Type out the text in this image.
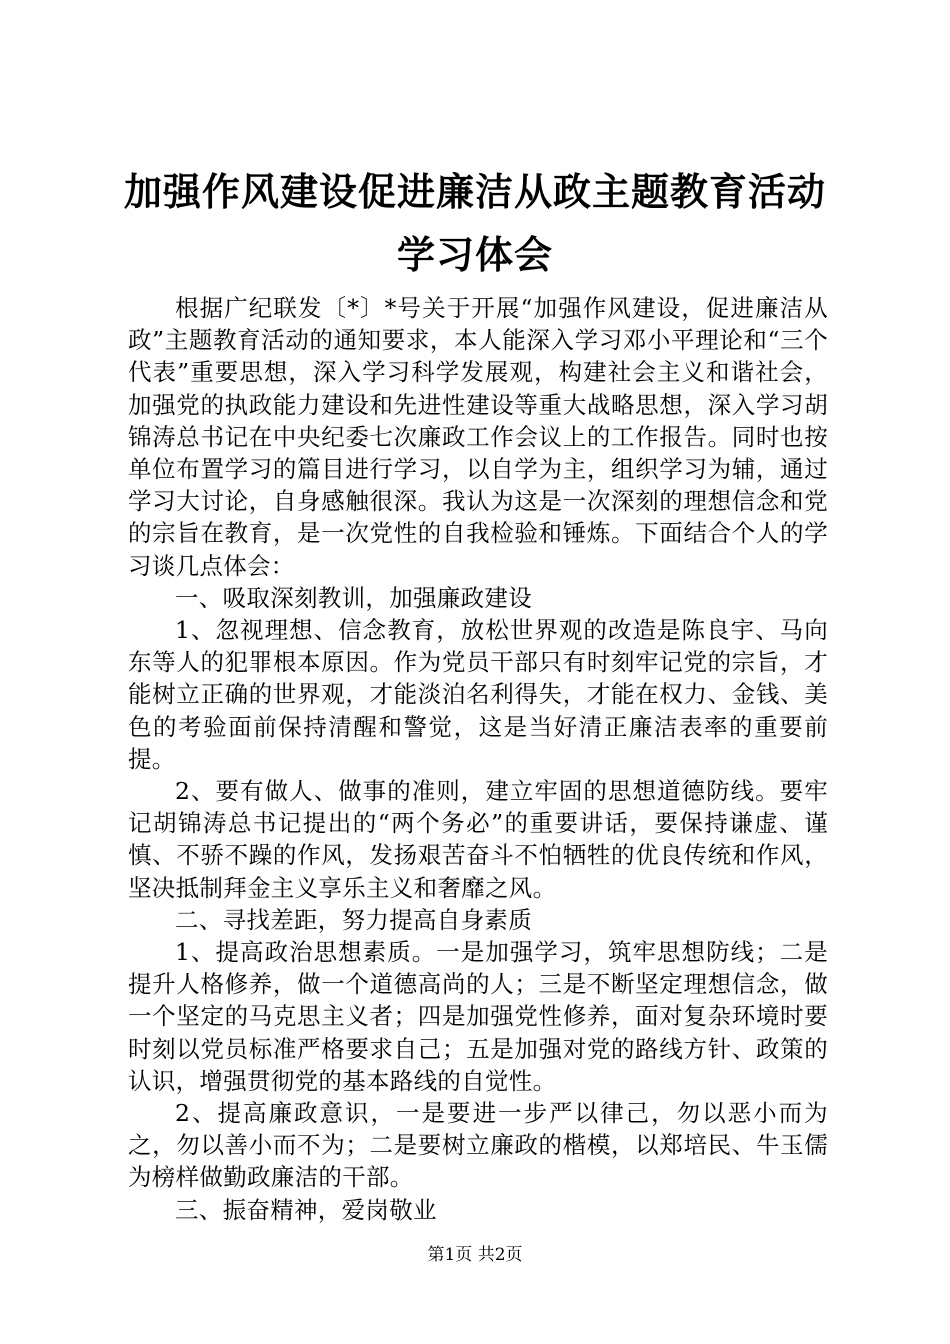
加强作风建设促进廉洁从政主题教育活动学习体会

根据广纪联发〔*〕*号关于开展“加强作风建设，促进廉洁从政”主题教育活动的通知要求，本人能深入学习邓小平理论和“三个代表”重要思想，深入学习科学发展观，构建社会主义和谐社会，加强党的执政能力建设和先进性建设等重大战略思想，深入学习胡锦涛总书记在中央纪委七次廉政工作会议上的工作报告。同时也按单位布置学习的篇目进行学习，以自学为主，组织学习为辅，通过学习大讨论，自身感触很深。我认为这是一次深刻的理想信念和党的宗旨在教育，是一次党性的自我检验和锤炼。下面结合个人的学习谈几点体会：

一、吸取深刻教训，加强廉政建设

1、忽视理想、信念教育，放松世界观的改造是陈良宇、马向东等人的犯罪根本原因。作为党员干部只有时刻牢记党的宗旨，才能树立正确的世界观，才能淡泊名利得失，才能在权力、金钱、美色的考验面前保持清醒和警觉，这是当好清正廉洁表率的重要前提。

2、要有做人、做事的准则，建立牢固的思想道德防线。要牢记胡锦涛总书记提出的“两个务必”的重要讲话，要保持谦虚、谨慎、不骄不躁的作风，发扬艰苦奋斗不怕牺牲的优良传统和作风，坚决抵制拜金主义享乐主义和奢靡之风。

二、寻找差距，努力提高自身素质

1、提高政治思想素质。一是加强学习，筑牢思想防线；二是提升人格修养，做一个道德高尚的人；三是不断坚定理想信念，做一个坚定的马克思主义者；四是加强党性修养，面对复杂环境时要时刻以党员标准严格要求自己；五是加强对党的路线方针、政策的认识，增强贯彻党的基本路线的自觉性。

2、提高廉政意识，一是要进一步严以律己，勿以恶小而为之，勿以善小而不为；二是要树立廉政的楷模，以郑培民、牛玉儒为榜样做勤政廉洁的干部。

三、振奋精神，爱岗敬业

第1页 共2页
